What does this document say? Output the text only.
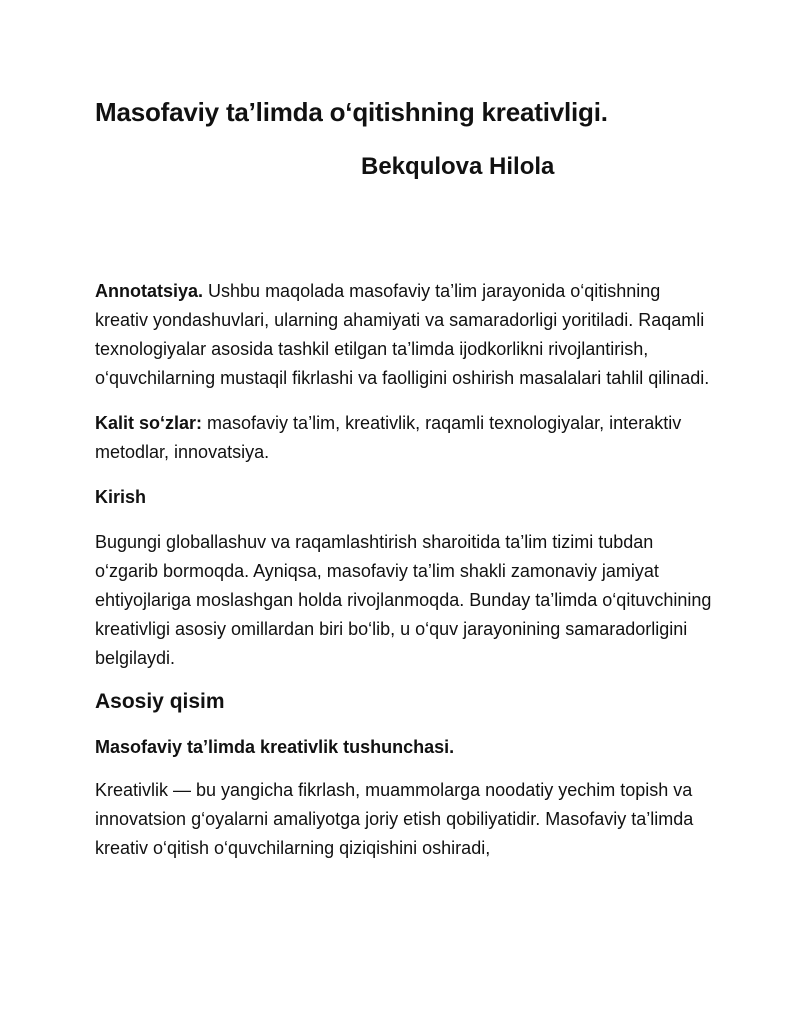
Masofaviy ta’limda o‘qitishning kreativligi.
Bekqulova Hilola

Annotatsiya. Ushbu maqolada masofaviy ta’lim jarayonida o‘qitishning kreativ yondashuvlari, ularning ahamiyati va samaradorligi yoritiladi. Raqamli texnologiyalar asosida tashkil etilgan ta’limda ijodkorlikni rivojlantirish, o‘quvchilarning mustaqil fikrlashi va faolligini oshirish masalalari tahlil qilinadi.

Kalit so‘zlar: masofaviy ta’lim, kreativlik, raqamli texnologiyalar, interaktiv metodlar, innovatsiya.

Kirish

Bugungi globallashuv va raqamlashtirish sharoitida ta’lim tizimi tubdan o‘zgarib bormoqda. Ayniqsa, masofaviy ta’lim shakli zamonaviy jamiyat ehtiyojlariga moslashgan holda rivojlanmoqda. Bunday ta’limda o‘qituvchining kreativligi asosiy omillardan biri bo‘lib, u o‘quv jarayonining samaradorligini belgilaydi.

Asosiy qisim

Masofaviy ta’limda kreativlik tushunchasi.

Kreativlik — bu yangicha fikrlash, muammolarga noodatiy yechim topish va innovatsion g‘oyalarni amaliyotga joriy etish qobiliyatidir. Masofaviy ta’limda kreativ o‘qitish o‘quvchilarning qiziqishini oshiradi,
